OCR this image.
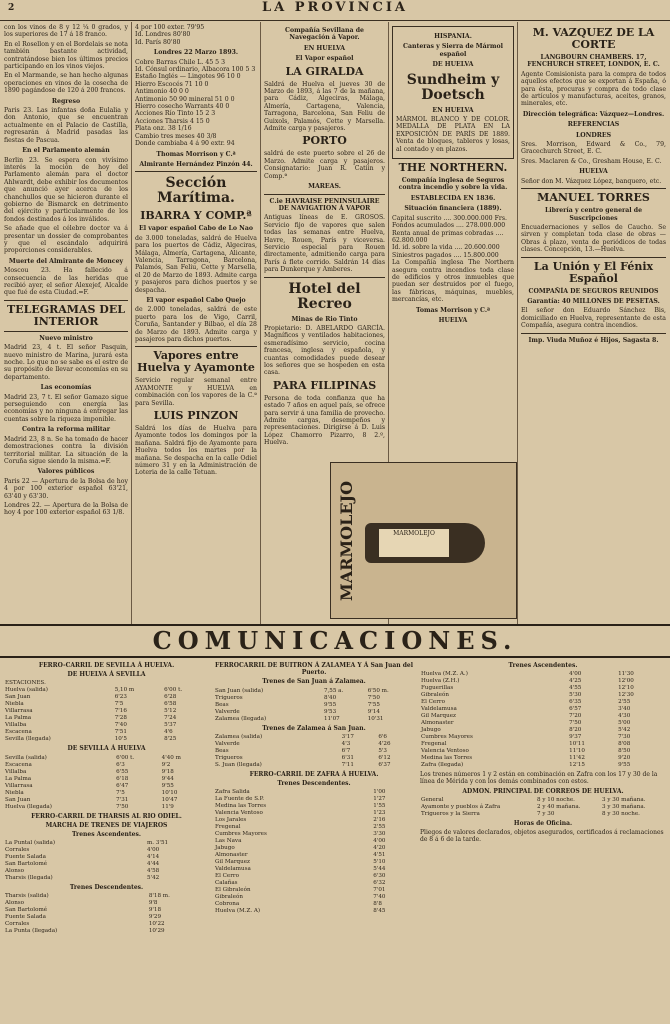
2	LA PROVINCIA

con los vinos de 8 y 12 ¼ 0 grados, y los superiores de 17 á 18 franco.

En el Rosellon y en el Bordelais se nota también bastante actividad, contratándose bien los últimos precios participando en los vinos viejos.

En el Marmande, se han hecho algunas operaciones en vinos de la cosecha de 1890 pagándose de 120 á 200 francos.

Regreso

Paris 23. Las infantas doña Eulalia y don Antonio, que se encuentran actualmente en el Palacio de Castilla, regresarán á Madrid pasadas las fiestas de Pascua.

En el Parlamento alemán

Berlin 23. Se espera con vivísimo interés la moción de hoy del Parlamento alemán para el doctor Ahlwardt, debe exhibir los documentos que anunció ayer acerca de los chanchullos que se hicieron durante el gobierno de Bismarck en detrimento del ejército y particularmente de los fondos destinados á los inválidos.

Se añade que el célebre doctor va á presentar un dossier de comprobantes y que el escándalo adquirirá proporciones considerables.

Muerte del Almirante de Moncey

Moscou 23. Ha fallecido á consecuencia de las heridas que recibió ayer, el señor Alexejef, Alcalde que fué de esta Ciudad.=F.

TELEGRAMAS DEL INTERIOR
Nuevo ministro

Madrid 23, 4 t. El señor Pasquin, nuevo ministro de Marina, jurará esta noche. Lo que no se sabe es el estre de su propósito de llevar economías en su departamento.

Las economías

Madrid 23, 7 t. El señor Gamazo sigue perseguiendo con energía las economías y no ninguna á entregar las cuentas sobre la riqueza imponible.

Contra la reforma militar

Madrid 23, 8 n. Se ha tomado de hacer demostraciones contra la división territorial militar. La situación de la Coruña sigue siendo la misma.=F.

Valores públicos

Paris 22 — Apertura de la Bolsa de hoy 4 por 100 exterior español 63'21, 63'40 y 63'30.

Londres 22. — Apertura de la Bolsa de hoy 4 por 100 exterior español 63 1/8.

4 por 100 exter. 79'95
Id. Londres 80'80
Id. París 80'80
Londres 22 Marzo 1893.
Cobre Barras Chile L. 45 5 3
Id. Cónsul ordinario, Albacora 100 5 3
Estaño Inglés — Lingotes 96 10 0
Hierro Escocés 71 10 0
Antimonio 40 0 0
Antimonio 50 90 mineral 51 0 0
Hierro cosecho Warrants 40 0
Acciones Río Tinto 15 2 3
Acciones Tharsis 4 15 0
Plata onz. 38 1/16
Cambio tres meses 40 3/8
Donde cambiaba 4 á 90 extr. 94
Thomas Morrison y C.ª
Almirante Hernández Pinzón 44.
Sección Marítima.
IBARRA Y COMP.ª
El vapor español Cabo de Lo Nao

de 3.000 toneladas, saldrá de Huelva para los puertos de Cádiz, Algeciras, Málaga, Almería, Cartagena, Alicante, Valencia, Tarragona, Barcelona, Palamós, San Feliu, Cette y Marsella, el 20 de Marzo de 1893. Admite carga y pasajeros para dichos puertos y se despacha.

El vapor español Cabo Quejo

de 2.000 toneladas, saldrá de este puerto para los de Vigo, Carril, Coruña, Santander y Bilbao, el día 28 de Marzo de 1893. Admite carga y pasajeros para dichos puertos.

Vapores entre Huelva y Ayamonte

Servicio regular semanal entre AYAMONTE y HUELVA en combinación con los vapores de la C.ª para Sevilla.

LUIS PINZON

Saldrá los días de Huelva para Ayamonte todos los domingos por la mañana. Saldrá fijo de Ayamonte para Huelva todos los martes por la mañana. Se despacha en la calle Odiel número 31 y en la Administración de Loteria de la calle Tetuan.

Compañía Sevillana de Navegación á Vapor.
EN HUELVA
El Vapor español
LA GIRALDA

Saldrá de Huelva el jueves 30 de Marzo de 1893, á las 7 de la mañana, para Cádiz, Algeciras, Málaga, Almería, Cartagena, Valencia, Tarragona, Barcelona, San Feliu de Guixols, Palamós, Cette y Marsella. Admite carga y pasajeros.

PORTO

saldrá de este puerto sobre el 26 de Marzo. Admite carga y pasajeros. Consignatario: Juan R. Catiin y Comp.ª

MAREAS.
C.ie HAVRAISE PENINSULAIRE DE NAVIGATION Á VAPOR

Antiguas líneas de E. GROSOS. Servicio fijo de vapores que salen todas las semanas entre Huelva, Havre, Rouen, París y viceversa. Servicio especial para Rouen directamente, admitiendo carga para París á flete corrido. Saldrán 14 días para Dunkerque y Amberes.

Hotel del Recreo
Minas de Rio Tinto

Propietario: D. ABELARDO GARCÍA. Magníficos y ventilados habitaciones, esmeradísimo servicio, cocina francesa, inglesa y española, y cuantas comodidades puede desear los señores que se hospeden en esta casa.

PARA FILIPINAS

Persona de toda confianza que ha estado 7 años en aquel país, se ofrece para servir á una familia de provecho. Admite cargas, desempeños y representaciones. Dirigirse á D. Luis López Chamorro Pizarro, 8 2.º, Huelva.

HISPANIA.
Canteras y Sierra de Mármol español
DE HUELVA
Sundheim y Doetsch
EN HUELVA

MÁRMOL BLANCO Y DE COLOR. MEDALLA DE PLATA EN LA EXPOSICIÓN DE PARÍS DE 1889. Venta de bloques, tableros y losas, al contado y en plazos.

THE NORTHERN.
Compañía inglesa de Seguros contra incendio y sobre la vida.
ESTABLECIDA EN 1836.
Situación financiera (1889).
Capital suscrito .... 300.000.000 Frs.
Fondos acumulados .... 278.000.000
Renta anual de primas cobradas .... 62.800.000
Id. id. sobre la vida .... 20.600.000
Siniestros pagados .... 15.800.000

La Compañía inglesa The Northern asegura contra incendios toda clase de edificios y otros inmuebles que puedan ser destruidos por el fuego, las fábricas, máquinas, muebles, mercancías, etc.

Tomas Morrison y C.ª
HUELVA
MARMOLEJO	MARMOLEJO
M. VAZQUEZ DE LA CORTE
LANGBOURN CHAMBERS. 17, FENCHURCH STREET, LONDON, E. C.

Agente Comisionista para la compra de todos aquellos efectos que se exportan á España, ó para ésta, procuras y compra de todo clase de artículos y manufacturas, aceites, granos, minerales, etc.

Dirección telegráfica: Vázquez—Londres.
REFERENCIAS
LONDRES

Sres. Morrison, Edward & Co., 79, Gracechurch Street, E. C.

Sres. Maclaren & Co., Gresham House, E. C.

HUELVA

Señor don M. Vázquez López, banquero, etc.

MANUEL TORRES
Librería y centro general de Suscripciones

Encuadernaciones y sellos de Caucho. Se sirven y completan toda clase de obras — Obras á plazo, venta de periódicos de todas clases. Concepción, 13.—Huelva.

La Unión y El Fénix Español
COMPAÑÍA DE SEGUROS REUNIDOS
Garantía: 40 MILLONES DE PESETAS.

El señor don Eduardo Sánchez Bis, domiciliado en Huelva, representante de esta Compañía, asegura contra incendios.

Imp. Viuda Muñoz é Hijos, Sagasta 8.
COMUNICACIONES.
FERRO-CARRIL DE SEVILLA Á HUELVA.
DE HUELVA Á SEVILLA
ESTACIONES.		
Huelva (salida)	5,10 m	6'00 t.
San Juan	6'23	6'28
Niebla	7'5	6'58
Villarrasa	7'16	5'12
La Palma	7'28	7'24
Villalba	7'40	5'37
Escacena	7'51	4'6
Sevilla (llegada)	10'5	8'25
DE SEVILLA Á HUELVA
Sevilla (salida)	6'00 t.	4'40 m
Escacena	6'3	9'2
Villalba	6'55	9'18
La Palma	6'18	9'44
Villarrasa	6'47	9'55
Niebla	7'5	10'10
San Juan	7'31	10'47
Huelva (llegada)	7'50	11'9
FERRO-CARRIL DE THARSIS AL RIO ODIEL.
MARCHA DE TRENES DE VIAJEROS
Trenes Ascendentes.
La Puntal (salida)	m. 3'51
Corrales	4'00
Fuente Salada	4'14
San Bartolomé	4'44
Alonso	4'58
Tharsis (llegada)	5'42
Trenes Descendentes.
Tharsis (salida)	8'18 m.
Alonso	9'8
San Bartolomé	9'18
Fuente Salada	9'29
Corrales	10'22
La Punta (llegada)	10'29
FERROCARRIL DE BUITRON Á ZALAMEA Y Á San Juan del Puerto.
Trenes de San Juan á Zalamea.
San Juan (salida)	7,55 a.	6'50 m.
Trigueros	8'40	7'50
Beas	9'55	7'55
Valverde	9'53	9'14
Zalamea (llegada)	11'07	10'31
Trenes de Zalamea á San Juan.
Zalamea (salida)	3'17	6'6
Valverde	4'3	4'26
Beas	6'7	5'3
Trigueros	6'31	6'12
S. Juan (llegada)	7'11	6'37
FERRO-CARRIL DE ZAFRA Á HUELVA.
Trenes Descendentes.
Zafra Salida	1'00
La Fuente de S.P.	1'27
Medina las Torres	1'55
Valencia Ventoso	1'23
Los Jarales	2'16
Fregenal	2'55
Cumbres Mayores	3'30
Las Nava	4'00
Jabugo	4'20
Almonaster	4'51
Gil Marquez	5'10
Valdelamusa	5'44
El Cerro	6'30
Calañas	6'32
El Gibraleón	7'01
Gibraleón	7'40
Cobrona	8'8
Huelva (M.Z. A)	8'45
Trenes Ascendentes.
Huelva (M.Z. A.)	4'00	11'30
Huelva (Z.H.)	4'25	12'00
Fuguerillas	4'55	12'10
Gibraleón	5'30	12'30
El Cerro	6'35	2'55
Valdelamusa	6'57	3'40
Gil Marquez	7'20	4'30
Almonaster	7'50	5'00
Jabugo	8'20	5'42
Cumbres Mayores	9'37	7'30
Fregenal	10'11	8'08
Valencia Ventoso	11'10	8'50
Medina las Torres	11'42	9'20
Zafra (llegada)	12'15	9'55

Los trenes números 1 y 2 están en combinación en Zafra con los 17 y 30 de la línea de Mérida y con los demás combinados con estos.

ADMON. PRINCIPAL DE CORREOS DE HUELVA.
General	8 y 10 noche.	3 y 30 mañana.
Ayamonte y pueblos á Zafra	2 y 40 mañana.	3 y 30 mañana.
Trigueros y la Sierra	7 y 30	8 y 30 noche.
Horas de Oficina.

Pliegos de valores declarados, objetos asegurados, certificados á reclamaciones de 8 á 6 de la tarde.
